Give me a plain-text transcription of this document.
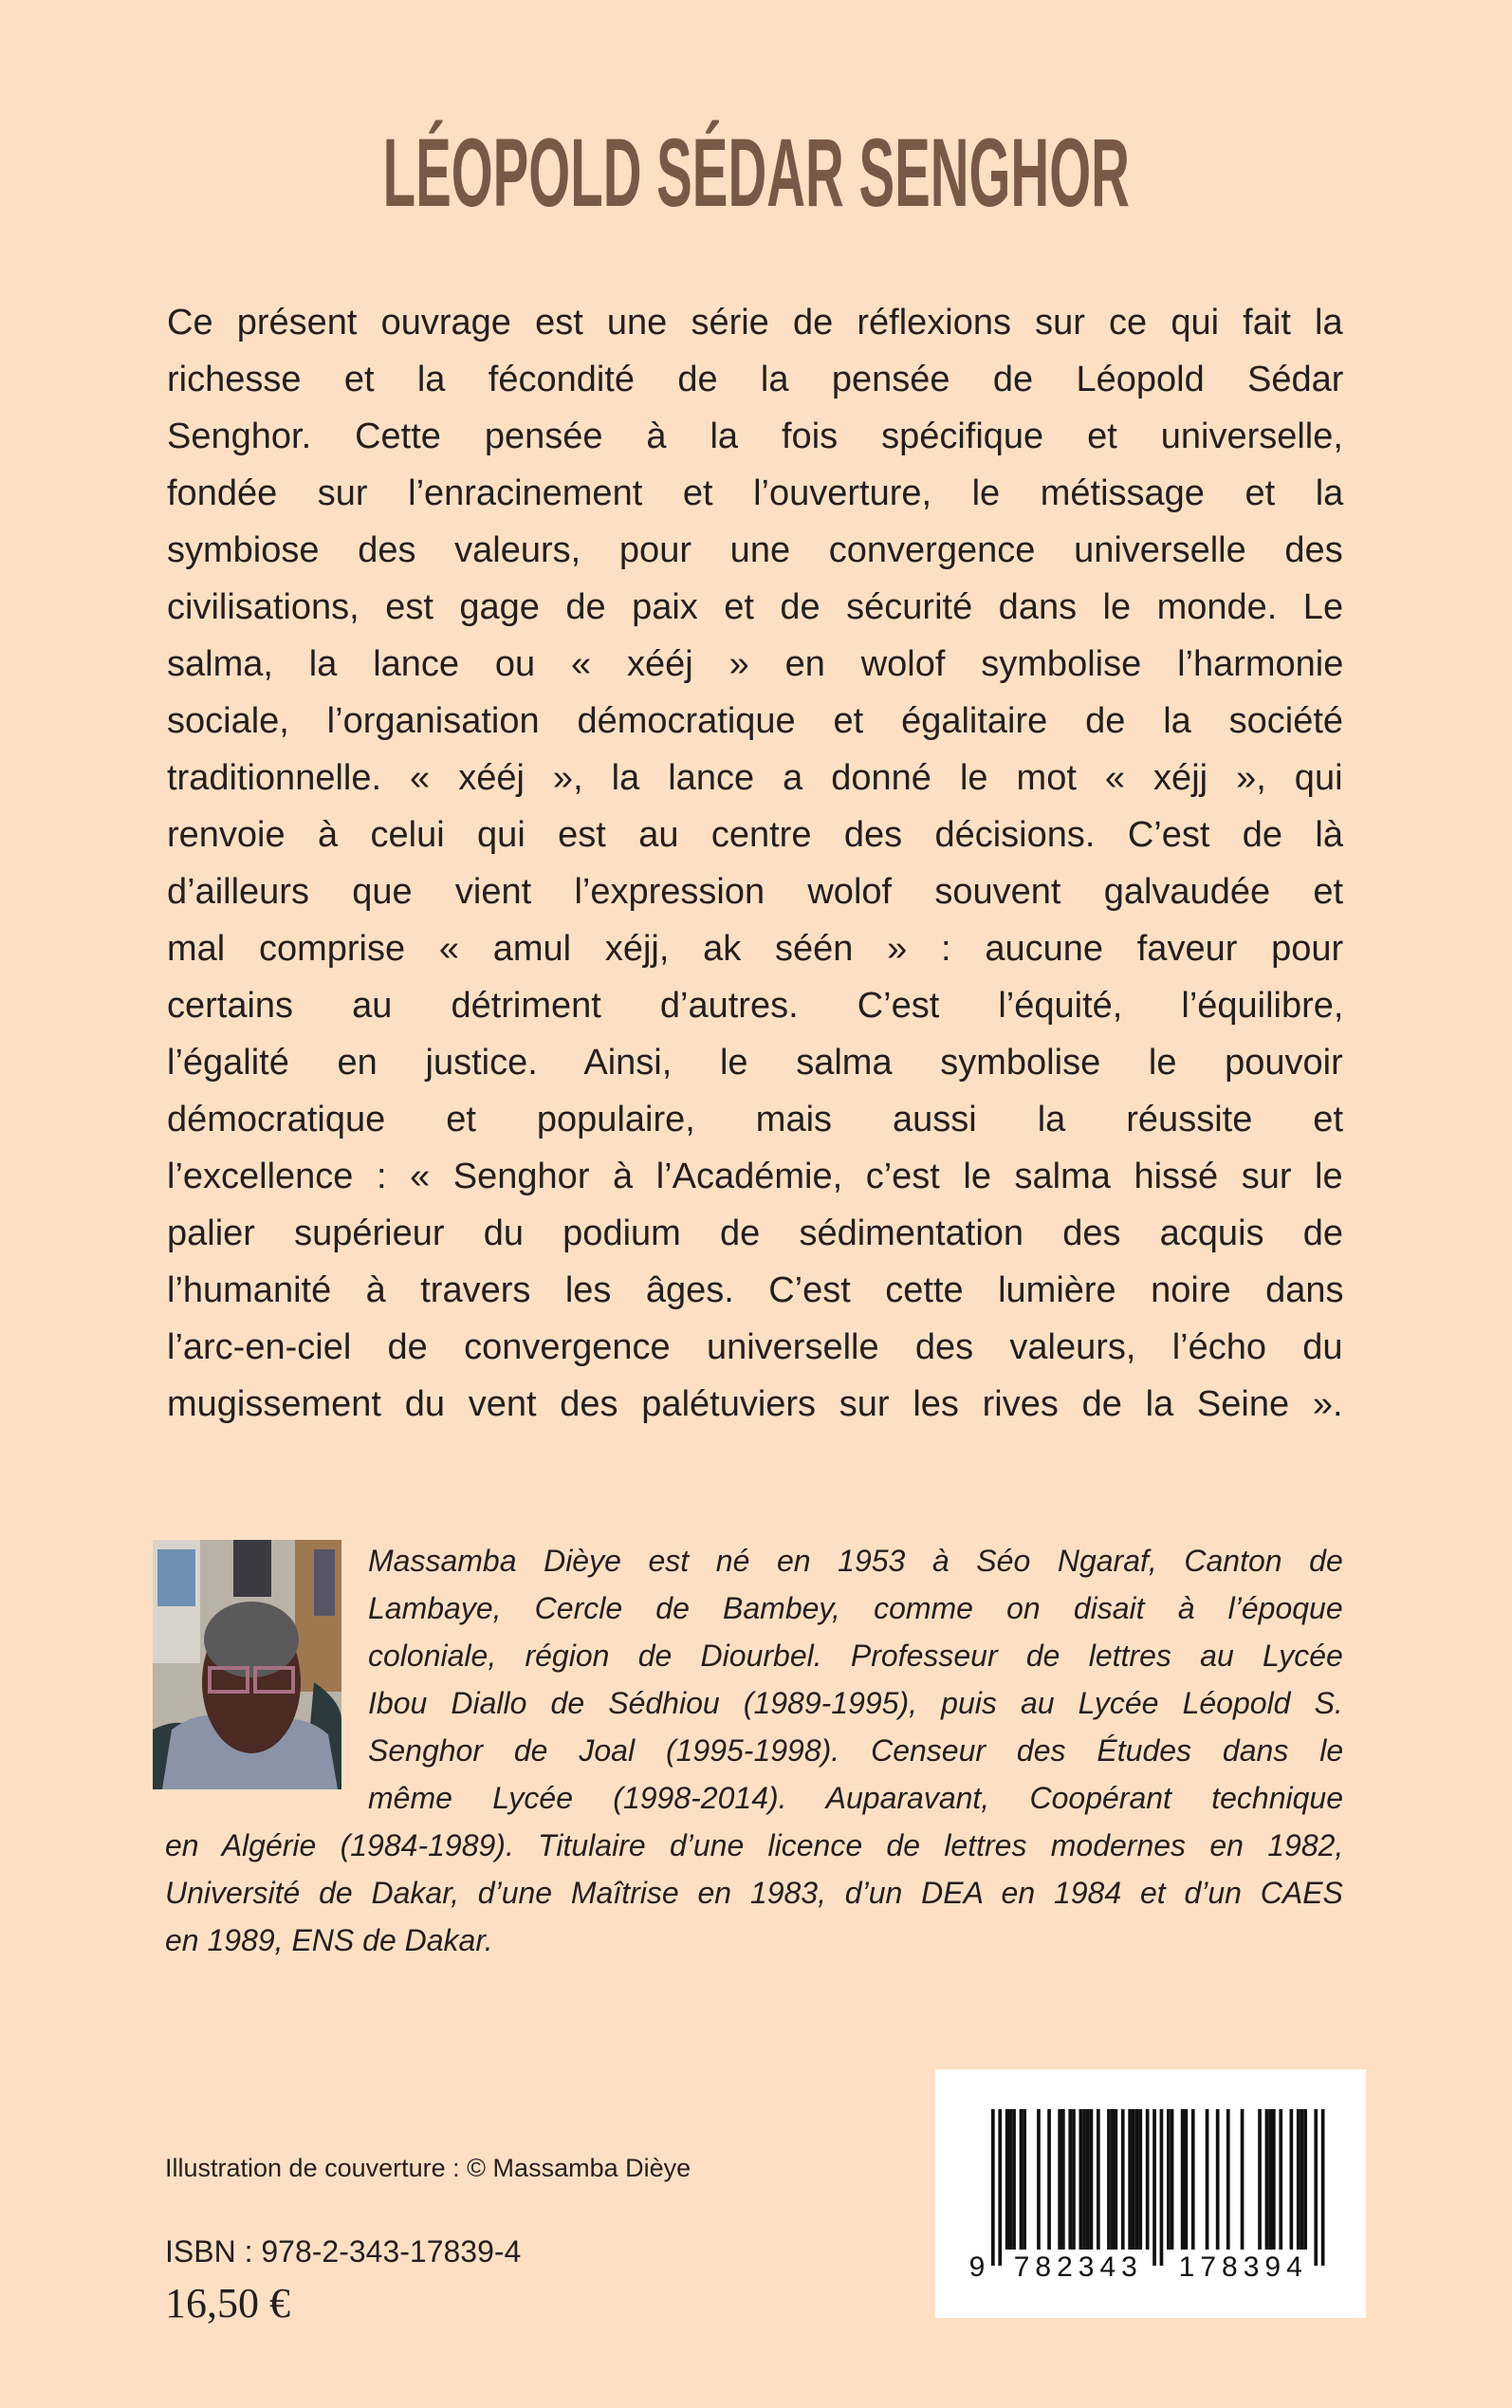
LÉOPOLD SÉDAR SENGHOR
Ce présent ouvrage est une série de réflexions sur ce qui fait la
richesse et la fécondité de la pensée de Léopold Sédar
Senghor. Cette pensée à la fois spécifique et universelle,
fondée sur l’enracinement et l’ouverture, le métissage et la
symbiose des valeurs, pour une convergence universelle des
civilisations, est gage de paix et de sécurité dans le monde. Le
salma, la lance ou « xééj » en wolof symbolise l’harmonie
sociale, l’organisation démocratique et égalitaire de la société
traditionnelle. « xééj », la lance a donné le mot « xéjj », qui
renvoie à celui qui est au centre des décisions. C’est de là
d’ailleurs que vient l’expression wolof souvent galvaudée et
mal comprise « amul xéjj, ak séén » : aucune faveur pour
certains au détriment d’autres. C’est l’équité, l’équilibre,
l’égalité en justice. Ainsi, le salma symbolise le pouvoir
démocratique et populaire, mais aussi la réussite et
l’excellence : « Senghor à l’Académie, c’est le salma hissé sur le
palier supérieur du podium de sédimentation des acquis de
l’humanité à travers les âges. C’est cette lumière noire dans
l’arc-en-ciel de convergence universelle des valeurs, l’écho du
mugissement du vent des palétuviers sur les rives de la Seine ».
Massamba Dièye est né en 1953 à Séo Ngaraf, Canton de
Lambaye, Cercle de Bambey, comme on disait à l’époque
coloniale, région de Diourbel. Professeur de lettres au Lycée
Ibou Diallo de Sédhiou (1989-1995), puis au Lycée Léopold S.
Senghor de Joal (1995-1998). Censeur des Études dans le
même Lycée (1998-2014). Auparavant, Coopérant technique
en Algérie (1984-1989). Titulaire d’une licence de lettres modernes en 1982,
Université de Dakar, d’une Maîtrise en 1983, d’un DEA en 1984 et d’un CAES
en 1989, ENS de Dakar.
Illustration de couverture : © Massamba Dièye
ISBN : 978-2-343-17839-4
16,50 €
9 782343 178394
